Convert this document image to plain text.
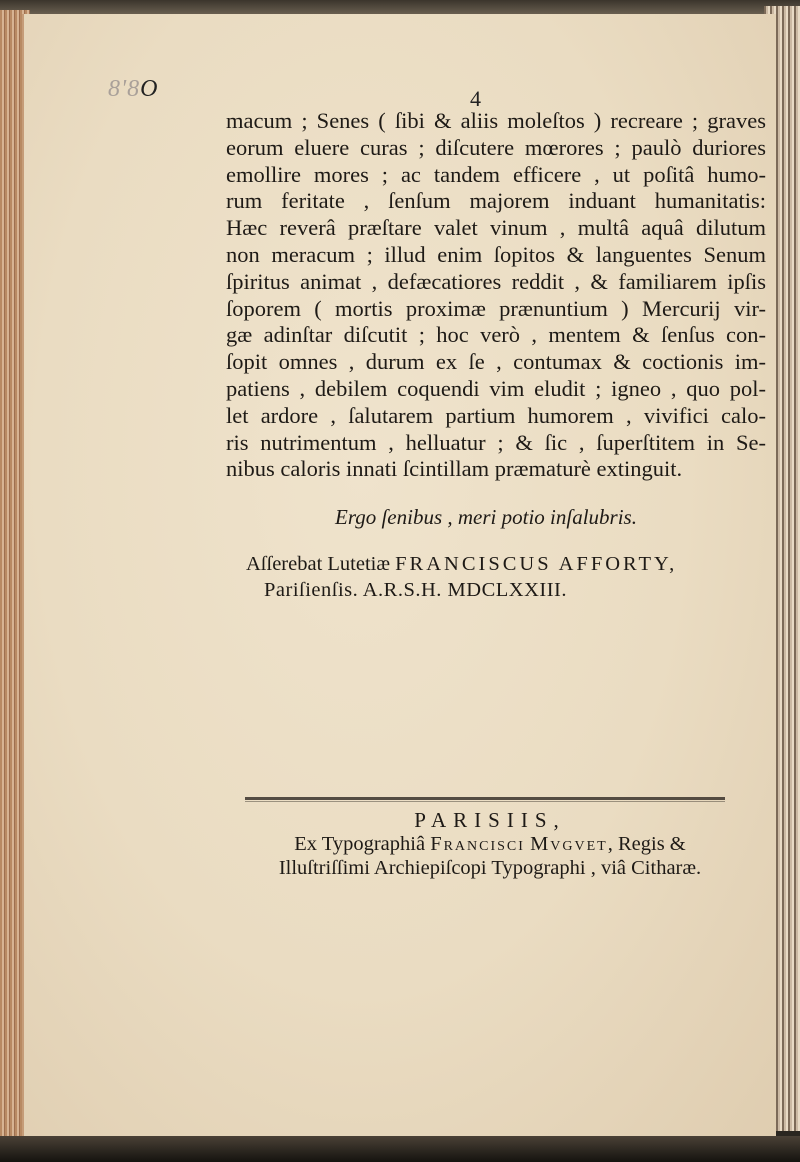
8'8O	4
macum ; Senes ( ſibi & aliis moleſtos ) recreare ; graves
eorum eluere curas ; diſcutere mœrores ; paulò duriores
emollire mores ; ac tandem efficere , ut poſitâ humo-
rum feritate , ſenſum majorem induant humanitatis:
Hæc reverâ præſtare valet vinum , multâ aquâ dilutum
non meracum ; illud enim ſopitos & languentes Senum
ſpiritus animat , defæcatiores reddit , & familiarem ipſis
ſoporem ( mortis proximæ prænuntium ) Mercurij vir-
gæ adinſtar diſcutit ; hoc verò , mentem & ſenſus con-
ſopit omnes , durum ex ſe , contumax & coctionis im-
patiens , debilem coquendi vim eludit ; igneo , quo pol-
let ardore , ſalutarem partium humorem , vivifici calo-
ris nutrimentum , helluatur ; & ſic , ſuperſtitem in Se-
nibus caloris innati ſcintillam præmaturè extinguit.
Ergo ſenibus , meri potio inſalubris.
Aſſerebat Lutetiæ FRANCISCUS AFFORTY,
Pariſienſis. A.R.S.H. MDCLXXIII.
PARISIIS,
Ex Typographiâ Francisci Mvgvet, Regis &
Illuſtriſſimi Archiepiſcopi Typographi , viâ Citharæ.
